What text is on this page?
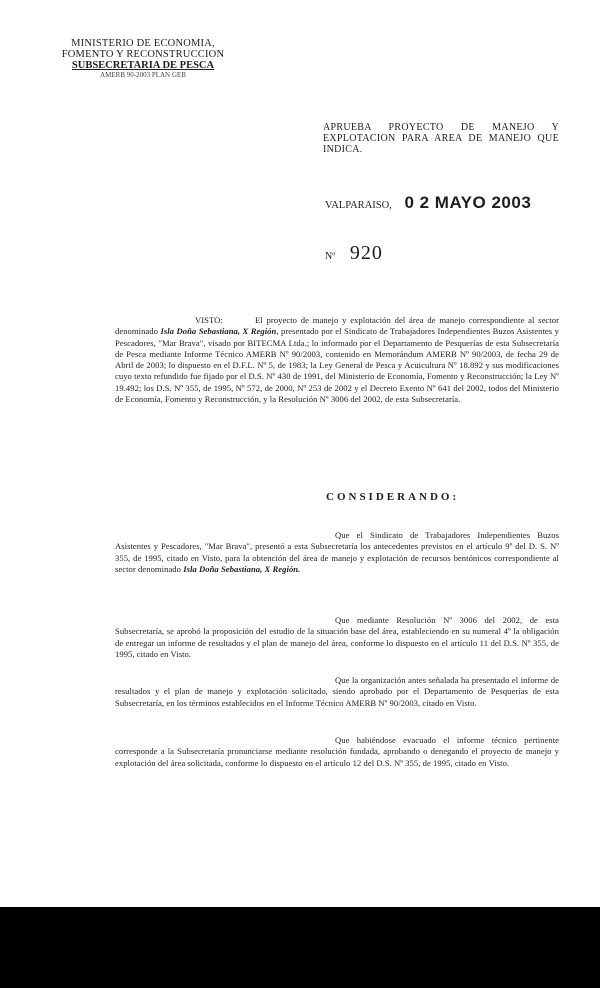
MINISTERIO DE ECONOMIA,
FOMENTO Y RECONSTRUCCION
SUBSECRETARIA DE PESCA
AMERB 90-2003 PLAN GEB
APRUEBA PROYECTO DE MANEJO Y EXPLOTACION PARA AREA DE MANEJO QUE INDICA.
VALPARAISO, 0 2 MAYO 2003
Nº 920
VISTO:	El proyecto de manejo y explotación del área de manejo correspondiente al sector denominado Isla Doña Sebastiana, X Región, presentado por el Sindicato de Trabajadores Independientes Buzos Asistentes y Pescadores, "Mar Brava", visado por BITECMA Ltda.; lo informado por el Departamento de Pesquerías de esta Subsecretaría de Pesca mediante Informe Técnico AMERB Nº 90/2003, contenido en Memorándum AMERB Nº 90/2003, de fecha 29 de Abril de 2003; lo dispuesto en el D.F.L. Nº 5, de 1983; la Ley General de Pesca y Acuicultura Nº 18.892 y sus modificaciones cuyo texto refundido fue fijado por el D.S. Nº 430 de 1991, del Ministerio de Economía, Fomento y Reconstrucción; la Ley Nº 19.492; los D.S. Nº 355, de 1995, Nº 572, de 2000, Nº 253 de 2002 y el Decreto Exento Nº 641 del 2002, todos del Ministerio de Economía, Fomento y Reconstrucción, y la Resolución Nº 3006 del 2002, de esta Subsecretaría.
CONSIDERANDO:
Que el Sindicato de Trabajadores Independientes Buzos Asistentes y Pescadores, "Mar Brava", presentó a esta Subsecretaría los antecedentes previstos en el artículo 9º del D. S. Nº 355, de 1995, citado en Visto, para la obtención del área de manejo y explotación de recursos bentónicos correspondiente al sector denominado Isla Doña Sebastiana, X Región.
Que mediante Resolución Nº 3006 del 2002, de esta Subsecretaría, se aprobó la proposición del estudio de la situación base del área, estableciendo en su numeral 4º la obligación de entregar un informe de resultados y el plan de manejo del área, conforme lo dispuesto en el artículo 11 del D.S. Nº 355, de 1995, citado en Visto.
Que la organización antes señalada ha presentado el informe de resultados y el plan de manejo y explotación solicitado, siendo aprobado por el Departamento de Pesquerías de esta Subsecretaría, en los términos establecidos en el Informe Técnico AMERB Nº 90/2003, citado en Visto.
Que habiéndose evacuado el informe técnico pertinente corresponde a la Subsecretaría pronunciarse mediante resolución fundada, aprobando o denegando el proyecto de manejo y explotación del área solicitada, conforme lo dispuesto en el artículo 12 del D.S. Nº 355, de 1995, citado en Visto.
